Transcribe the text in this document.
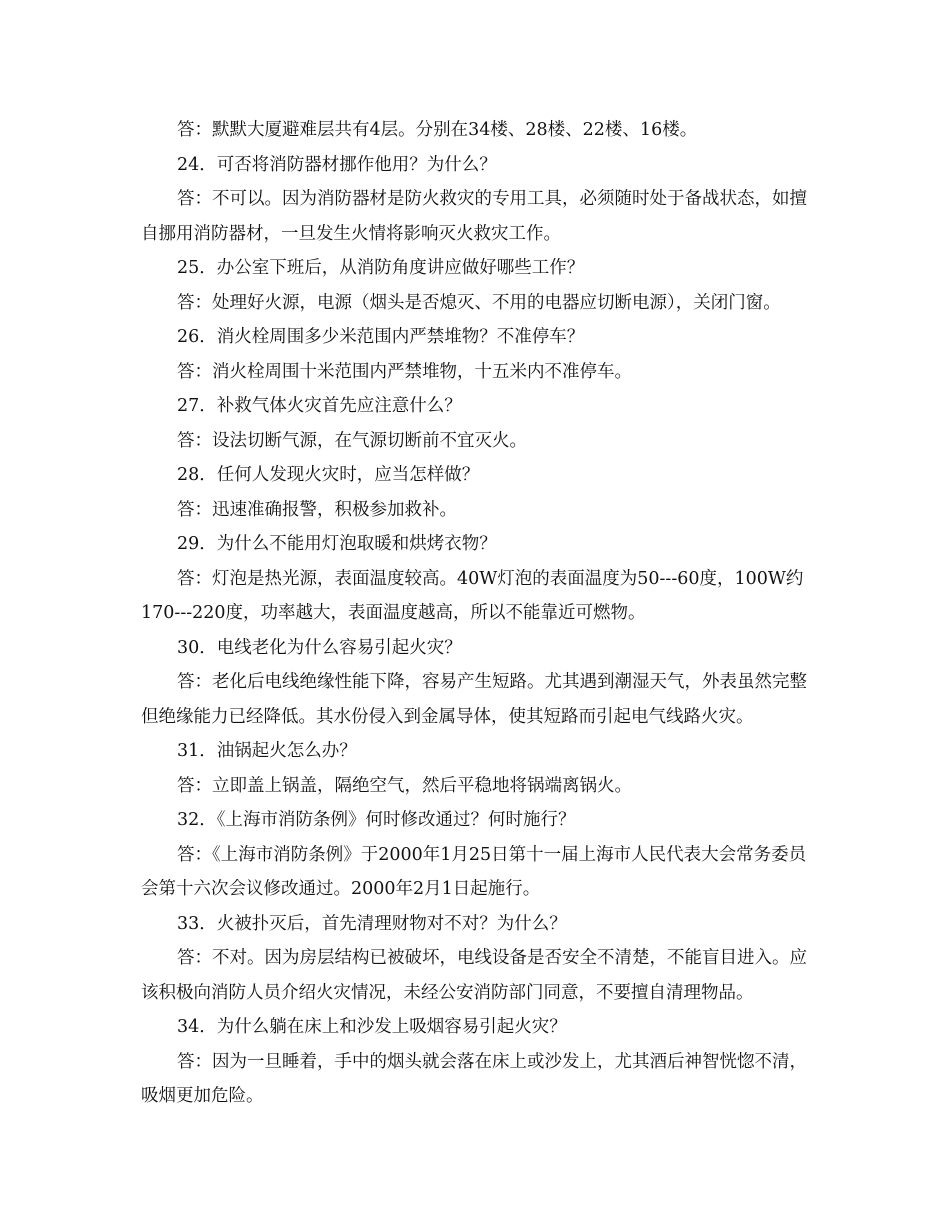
答：默默大厦避难层共有4层。分别在34楼、28楼、22楼、16楼。

24．可否将消防器材挪作他用？为什么？

答：不可以。因为消防器材是防火救灾的专用工具，必须随时处于备战状态，如擅自挪用消防器材，一旦发生火情将影响灭火救灾工作。

25．办公室下班后，从消防角度讲应做好哪些工作？

答：处理好火源，电源（烟头是否熄灭、不用的电器应切断电源），关闭门窗。

26．消火栓周围多少米范围内严禁堆物？不准停车？

答：消火栓周围十米范围内严禁堆物，十五米内不准停车。

27．补救气体火灾首先应注意什么？

答：设法切断气源，在气源切断前不宜灭火。

28．任何人发现火灾时，应当怎样做？

答：迅速准确报警，积极参加救补。

29．为什么不能用灯泡取暖和烘烤衣物？

答：灯泡是热光源，表面温度较高。40W灯泡的表面温度为50---60度，100W约170---220度，功率越大，表面温度越高，所以不能靠近可燃物。

30．电线老化为什么容易引起火灾？

答：老化后电线绝缘性能下降，容易产生短路。尤其遇到潮湿天气，外表虽然完整但绝缘能力已经降低。其水份侵入到金属导体，使其短路而引起电气线路火灾。

31．油锅起火怎么办？

答：立即盖上锅盖，隔绝空气，然后平稳地将锅端离锅火。

32．《上海市消防条例》何时修改通过？何时施行？

答：《上海市消防条例》于2000年1月25日第十一届上海市人民代表大会常务委员会第十六次会议修改通过。2000年2月1日起施行。

33．火被扑灭后，首先清理财物对不对？为什么？

答：不对。因为房层结构已被破坏，电线设备是否安全不清楚，不能盲目进入。应该积极向消防人员介绍火灾情况，未经公安消防部门同意，不要擅自清理物品。

34．为什么躺在床上和沙发上吸烟容易引起火灾？

答：因为一旦睡着，手中的烟头就会落在床上或沙发上，尤其酒后神智恍惚不清，吸烟更加危险。
